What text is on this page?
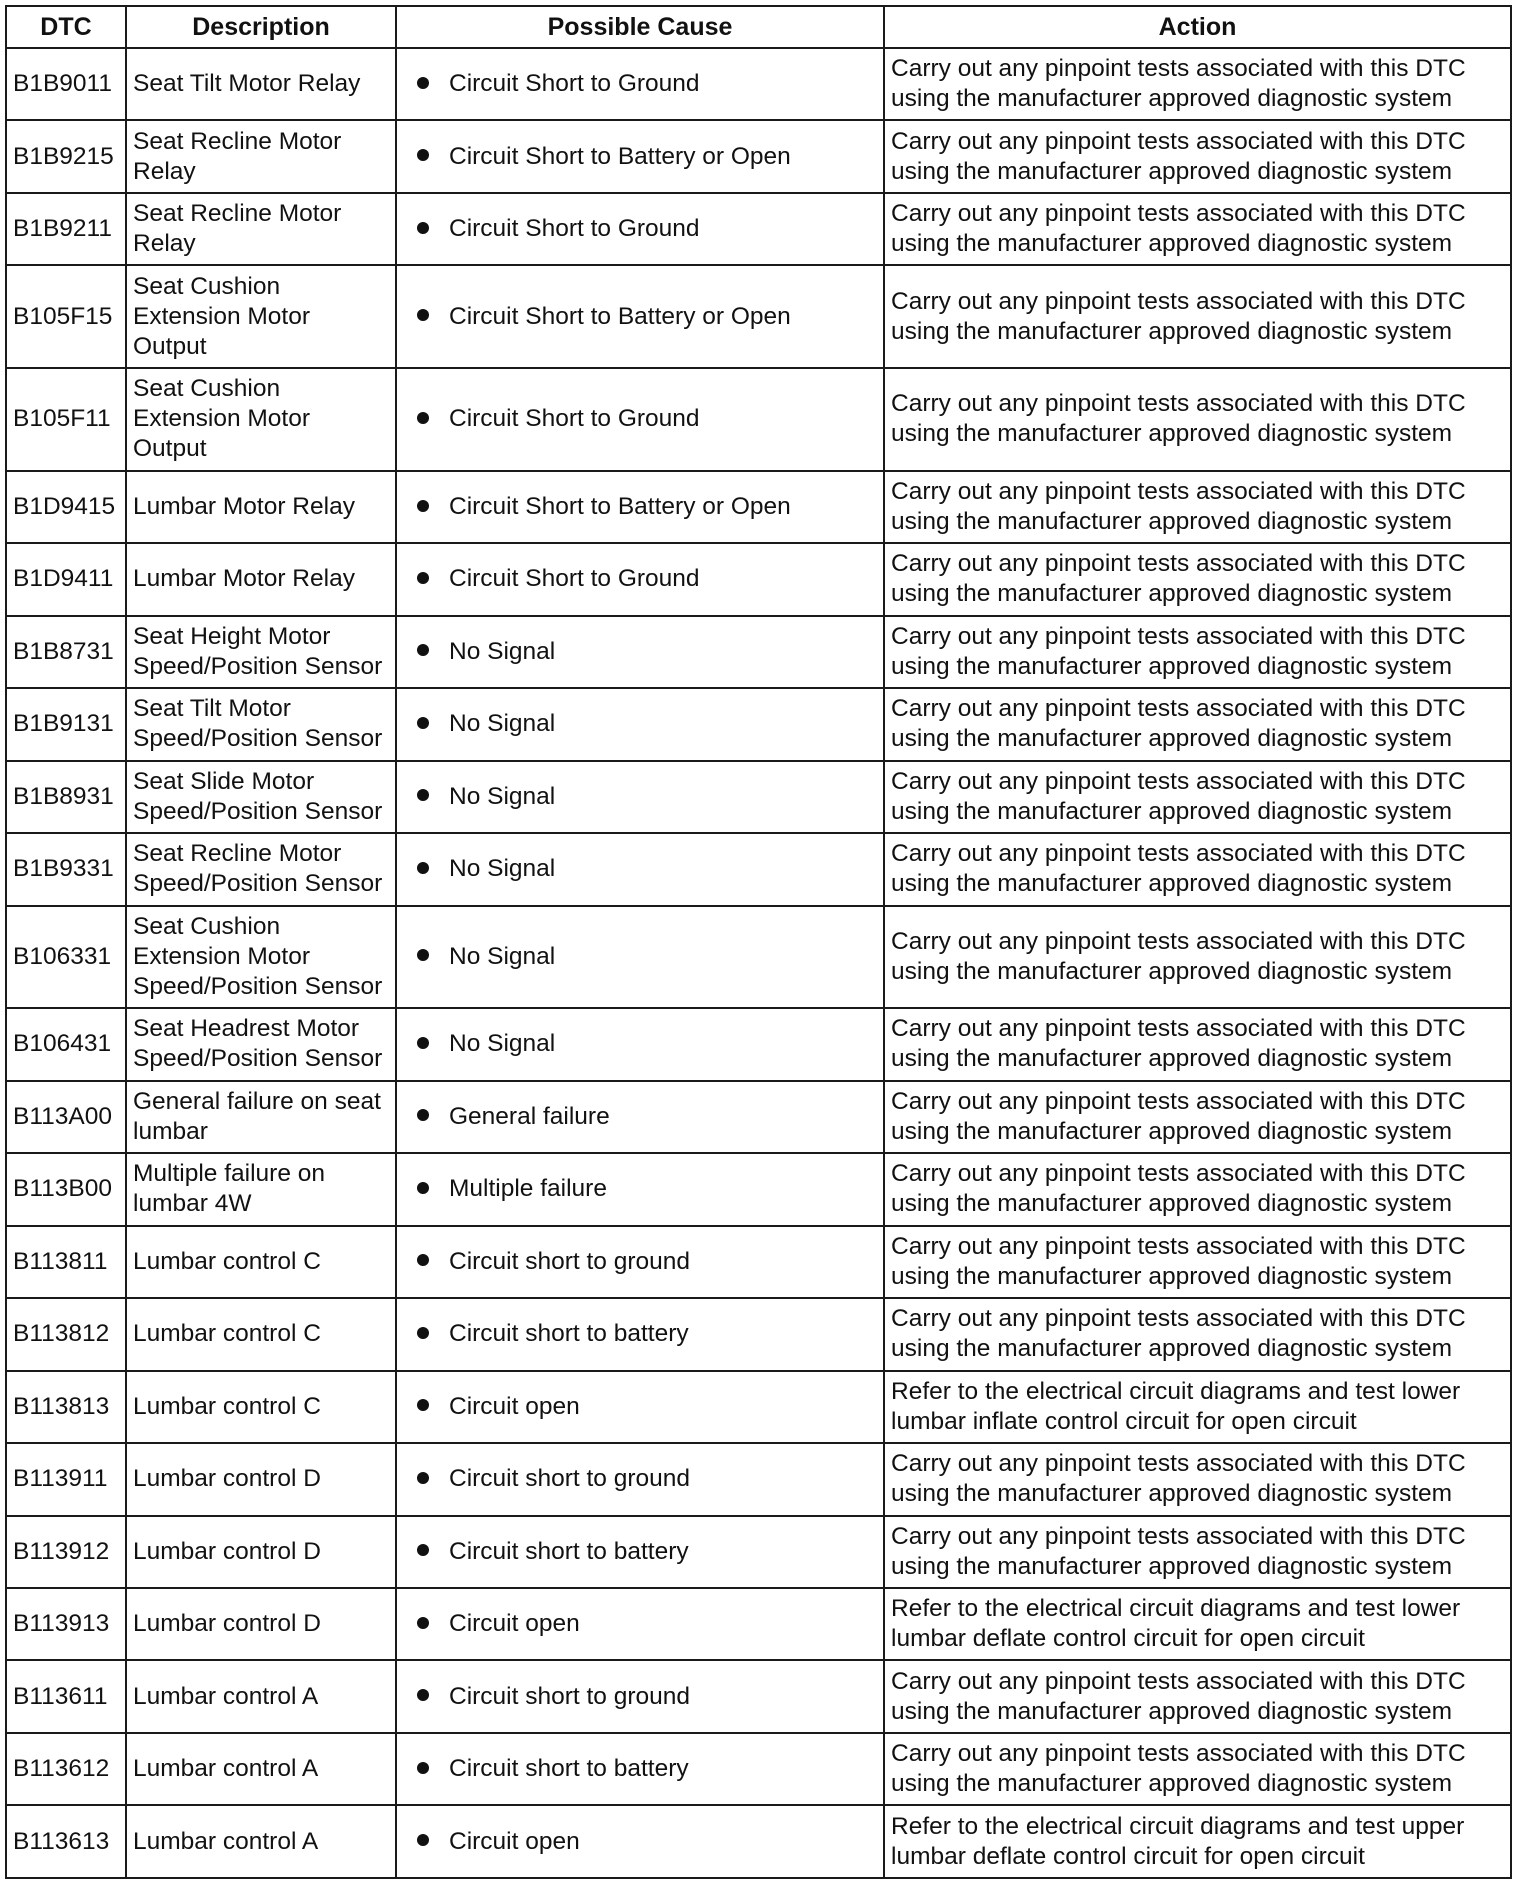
DTC	Description	Possible Cause	Action
B1B9011	Seat Tilt Motor Relay	Circuit Short to Ground	Carry out any pinpoint tests associated with this DTC using the manufacturer approved diagnostic system
B1B9215	Seat Recline Motor Relay	Circuit Short to Battery or Open	Carry out any pinpoint tests associated with this DTC using the manufacturer approved diagnostic system
B1B9211	Seat Recline Motor Relay	Circuit Short to Ground	Carry out any pinpoint tests associated with this DTC using the manufacturer approved diagnostic system
B105F15	Seat Cushion Extension Motor Output	Circuit Short to Battery or Open	Carry out any pinpoint tests associated with this DTC using the manufacturer approved diagnostic system
B105F11	Seat Cushion Extension Motor Output	Circuit Short to Ground	Carry out any pinpoint tests associated with this DTC using the manufacturer approved diagnostic system
B1D9415	Lumbar Motor Relay	Circuit Short to Battery or Open	Carry out any pinpoint tests associated with this DTC using the manufacturer approved diagnostic system
B1D9411	Lumbar Motor Relay	Circuit Short to Ground	Carry out any pinpoint tests associated with this DTC using the manufacturer approved diagnostic system
B1B8731	Seat Height Motor Speed/Position Sensor	No Signal	Carry out any pinpoint tests associated with this DTC using the manufacturer approved diagnostic system
B1B9131	Seat Tilt Motor Speed/Position Sensor	No Signal	Carry out any pinpoint tests associated with this DTC using the manufacturer approved diagnostic system
B1B8931	Seat Slide Motor Speed/Position Sensor	No Signal	Carry out any pinpoint tests associated with this DTC using the manufacturer approved diagnostic system
B1B9331	Seat Recline Motor Speed/Position Sensor	No Signal	Carry out any pinpoint tests associated with this DTC using the manufacturer approved diagnostic system
B106331	Seat Cushion Extension Motor Speed/Position Sensor	No Signal	Carry out any pinpoint tests associated with this DTC using the manufacturer approved diagnostic system
B106431	Seat Headrest Motor Speed/Position Sensor	No Signal	Carry out any pinpoint tests associated with this DTC using the manufacturer approved diagnostic system
B113A00	General failure on seat lumbar	General failure	Carry out any pinpoint tests associated with this DTC using the manufacturer approved diagnostic system
B113B00	Multiple failure on lumbar 4W	Multiple failure	Carry out any pinpoint tests associated with this DTC using the manufacturer approved diagnostic system
B113811	Lumbar control C	Circuit short to ground	Carry out any pinpoint tests associated with this DTC using the manufacturer approved diagnostic system
B113812	Lumbar control C	Circuit short to battery	Carry out any pinpoint tests associated with this DTC using the manufacturer approved diagnostic system
B113813	Lumbar control C	Circuit open	Refer to the electrical circuit diagrams and test lower lumbar inflate control circuit for open circuit
B113911	Lumbar control D	Circuit short to ground	Carry out any pinpoint tests associated with this DTC using the manufacturer approved diagnostic system
B113912	Lumbar control D	Circuit short to battery	Carry out any pinpoint tests associated with this DTC using the manufacturer approved diagnostic system
B113913	Lumbar control D	Circuit open	Refer to the electrical circuit diagrams and test lower lumbar deflate control circuit for open circuit
B113611	Lumbar control A	Circuit short to ground	Carry out any pinpoint tests associated with this DTC using the manufacturer approved diagnostic system
B113612	Lumbar control A	Circuit short to battery	Carry out any pinpoint tests associated with this DTC using the manufacturer approved diagnostic system
B113613	Lumbar control A	Circuit open	Refer to the electrical circuit diagrams and test upper lumbar deflate control circuit for open circuit
